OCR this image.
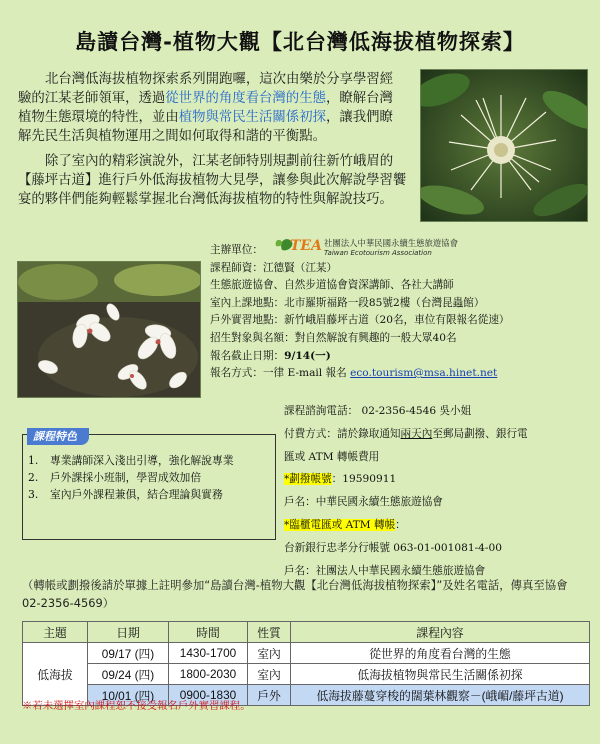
島讀台灣-植物大觀【北台灣低海拔植物探索】
北台灣低海拔植物探索系列開跑囉，這次由樂於分享學習經驗的江某老師領軍，透過從世界的角度看台灣的生態，瞭解台灣植物生態環境的特性，並由植物與常民生活關係初探，讓我們瞭解先民生活與植物運用之間如何取得和諧的平衡點。
除了室內的精彩演說外，江某老師特別規劃前往新竹峨眉的【藤坪古道】進行戶外低海拔植物大見學，讓參與此次解說學習饗宴的夥伴們能夠輕鬆掌握北台灣低海拔植物的特性與解說技巧。
TEA 社團法人中華民國永續生態旅遊協會
Taiwan Ecotourism Association
主辦單位：
課程師資：江德賢（江某）
生態旅遊協會、自然步道協會資深講師、各社大講師
室內上課地點：北市羅斯福路一段85號2樓（台灣昆蟲館）
戶外實習地點：新竹峨眉藤坪古道（20名，車位有限報名從速）
招生對象與名額：對自然解說有興趣的一般大眾40名
報名截止日期：9/14(一)
報名方式：一律 E-mail 報名 eco.tourism@msa.hinet.net
課程諮詢電話： 02-2356-4546 吳小姐
付費方式：請於錄取通知兩天內至郵局劃撥、銀行電
匯或 ATM 轉帳費用
*劃撥帳號：19590911
戶名：中華民國永續生態旅遊協會
*臨櫃電匯或 ATM 轉帳：
台新銀行忠孝分行帳號 063-01-001081-4-00
戶名：社團法人中華民國永續生態旅遊協會
課程特色
1.	專業講師深入淺出引導，強化解說專業
2.	戶外課採小班制，學習成效加倍
3.	室內戶外課程兼俱，結合理論與實務
（轉帳或劃撥後請於單據上註明參加“島讀台灣-植物大觀【北台灣低海拔植物探索】”及姓名電話，傳真至協會 02-2356-4569）
主題	日期	時間	性質	課程內容
低海拔	09/17 (四)	1430-1700	室內	從世界的角度看台灣的生態
	09/24 (四)	1800-2030	室內	低海拔植物與常民生活關係初探
	10/01 (四)	0900-1830	戶外	低海拔藤蔓穿梭的闊葉林觀察－(峨嵋/藤坪古道)
※若未選擇室內課程恕不接受報名戶外實習課程。
